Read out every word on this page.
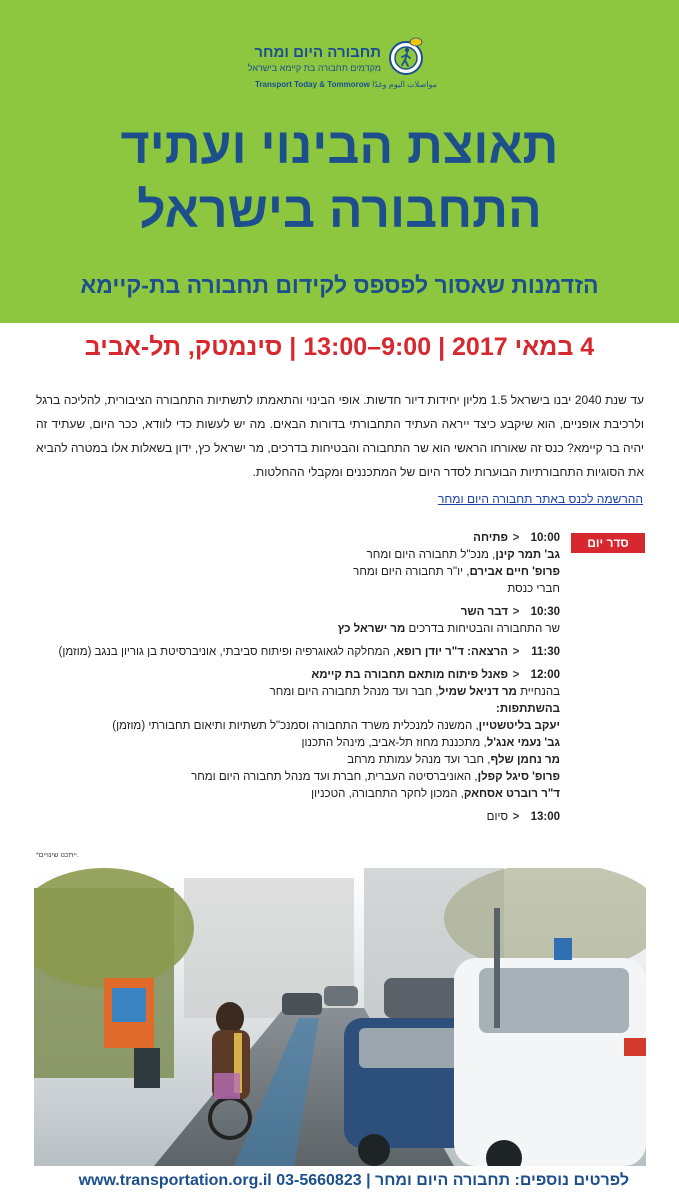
תחבורה היום ומחר
מקדמים תחבורה בת קיימא בישראל
Transport Today & Tommorow مواصلات اليوم وغدًا
תאוצת הבינוי ועתיד
התחבורה בישראל
הזדמנות שאסור לפספס לקידום תחבורה בת-קיימא
4 במאי 2017 | 9:00–13:00 | סינמטק, תל-אביב
עד שנת 2040 יבנו בישראל 1.5 מליון יחידות דיור חדשות. אופי הבינוי והתאמתו לתשתיות התחבורה הציבורית, להליכה ברגל ולרכיבת אופניים, הוא שיקבע כיצד ייראה העתיד התחבורתי בדורות הבאים. מה יש לעשות כדי לוודא, ככר היום, שעתיד זה יהיה בר קיימא? כנס זה שאורחו הראשי הוא שר התחבורה והבטיחות בדרכים, מר ישראל כץ, ידון בשאלות אלו במטרה להביא את הסוגיות התחבורתיות הבוערות לסדר היום של המתכננים ומקבלי ההחלטות.
ההרשמה לכנס באתר תחבורה היום ומחר
סדר יום
10:00
<
פתיחה
גב' תמר קינן, מנכ"ל תחבורה היום ומחר
פרופ' חיים אבירם, יו"ר תחבורה היום ומחר
חברי כנסת
10:30
<
דבר השר
שר התחבורה והבטיחות בדרכים מר ישראל כץ
11:30
<
הרצאה: ד"ר יודן רופא, המחלקה לגאוגרפיה ופיתוח סביבתי, אוניברסיטת בן גוריון בנגב (מוזמן)
12:00
<
פאנל פיתוח מותאם תחבורה בת קיימא
בהנחיית מר דניאל שמיל, חבר ועד מנהל תחבורה היום ומחר
בהשתתפות:
יעקב בליטשטיין, המשנה למנכלית משרד התחבורה וסמנכ"ל תשתיות ותיאום תחבורתי (מוזמן)
גב' נעמי אנג'ל, מתכננת מחוז תל-אביב, מינהל התכנון
מר נחמן שלף, חבר ועד מנהל עמותת מרחב
פרופ' סיגל קפלן, האוניברסיטה העברית, חברת ועד מנהל תחבורה היום ומחר
ד"ר רוברט אסחאק, המכון לחקר התחבורה, הטכניון
13:00
<
סיום
*ייתכנו שינויים.
לפרטים נוספים: תחבורה היום ומחר | 03-5660823 www.transportation.org.il
